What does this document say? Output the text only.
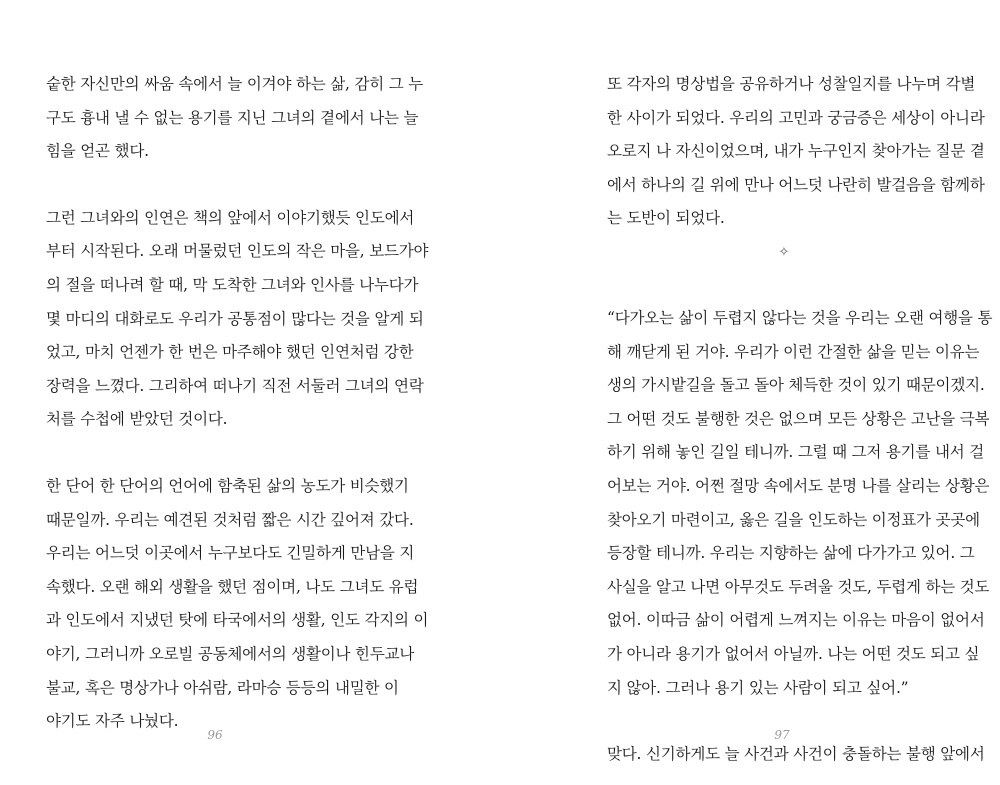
숱한 자신만의 싸움 속에서 늘 이겨야 하는 삶, 감히 그 누
구도 흉내 낼 수 없는 용기를 지닌 그녀의 곁에서 나는 늘
힘을 얻곤 했다.

그런 그녀와의 인연은 책의 앞에서 이야기했듯 인도에서
부터 시작된다. 오래 머물렀던 인도의 작은 마을, 보드가야
의 절을 떠나려 할 때, 막 도착한 그녀와 인사를 나누다가
몇 마디의 대화로도 우리가 공통점이 많다는 것을 알게 되
었고, 마치 언젠가 한 번은 마주해야 했던 인연처럼 강한
장력을 느꼈다. 그리하여 떠나기 직전 서둘러 그녀의 연락
처를 수첩에 받았던 것이다.

한 단어 한 단어의 언어에 함축된 삶의 농도가 비슷했기
때문일까. 우리는 예견된 것처럼 짧은 시간 깊어져 갔다.
우리는 어느덧 이곳에서 누구보다도 긴밀하게 만남을 지
속했다. 오랜 해외 생활을 했던 점이며, 나도 그녀도 유럽
과 인도에서 지냈던 탓에 타국에서의 생활, 인도 각지의 이
야기, 그러니까 오로빌 공동체에서의 생활이나 힌두교나
불교, 혹은 명상가나 아쉬람, 라마승 등등의 내밀한 이
야기도 자주 나눴다.

또 각자의 명상법을 공유하거나 성찰일지를 나누며 각별
한 사이가 되었다. 우리의 고민과 궁금증은 세상이 아니라
오로지 나 자신이었으며, 내가 누구인지 찾아가는 질문 곁
에서 하나의 길 위에 만나 어느덧 나란히 발걸음을 함께하
는 도반이 되었다.

✧

“다가오는 삶이 두렵지 않다는 것을 우리는 오랜 여행을 통
해 깨닫게 된 거야. 우리가 이런 간절한 삶을 믿는 이유는
생의 가시밭길을 돌고 돌아 체득한 것이 있기 때문이겠지.
그 어떤 것도 불행한 것은 없으며 모든 상황은 고난을 극복
하기 위해 놓인 길일 테니까. 그럴 때 그저 용기를 내서 걸
어보는 거야. 어쩐 절망 속에서도 분명 나를 살리는 상황은
찾아오기 마련이고, 옳은 길을 인도하는 이정표가 곳곳에
등장할 테니까. 우리는 지향하는 삶에 다가가고 있어. 그
사실을 알고 나면 아무것도 두려울 것도, 두렵게 하는 것도
없어. 이따금 삶이 어렵게 느껴지는 이유는 마음이 없어서
가 아니라 용기가 없어서 아닐까. 나는 어떤 것도 되고 싶
지 않아. 그러나 용기 있는 사람이 되고 싶어.”

맞다. 신기하게도 늘 사건과 사건이 충돌하는 불행 앞에서

96	97
